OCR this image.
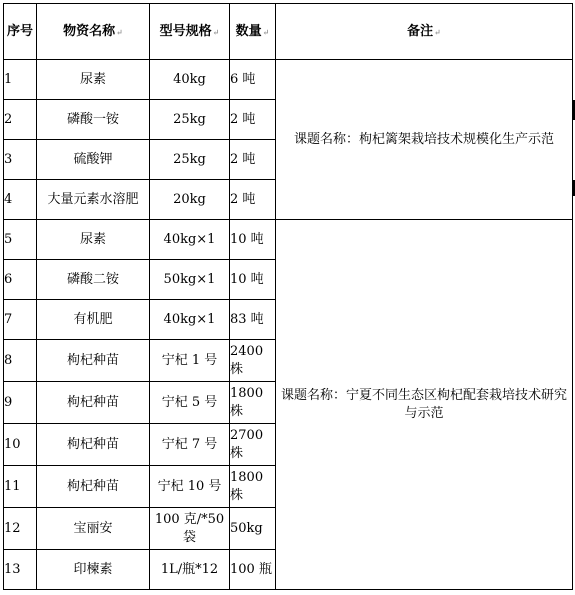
序号	物资名称↵	型号规格↵	数量↵	备注↵
1	尿素	40kg	6 吨	课题名称：枸杞篱架栽培技术规模化生产示范
2	磷酸一铵	25kg	2 吨	
3	硫酸钾	25kg	2 吨	
4	大量元素水溶肥	20kg	2 吨	
5	尿素	40kg×1	10 吨	课题名称：宁夏不同生态区枸杞配套栽培技术研究与示范
6	磷酸二铵	50kg×1	10 吨	
7	有机肥	40kg×1	83 吨	
8	枸杞种苗	宁杞 1 号	2400 株	
9	枸杞种苗	宁杞 5 号	1800 株	
10	枸杞种苗	宁杞 7 号	2700 株	
11	枸杞种苗	宁杞 10 号	1800 株	
12	宝丽安	100 克/*50 袋	50kg	
13	印楝素	1L/瓶*12	100 瓶	
